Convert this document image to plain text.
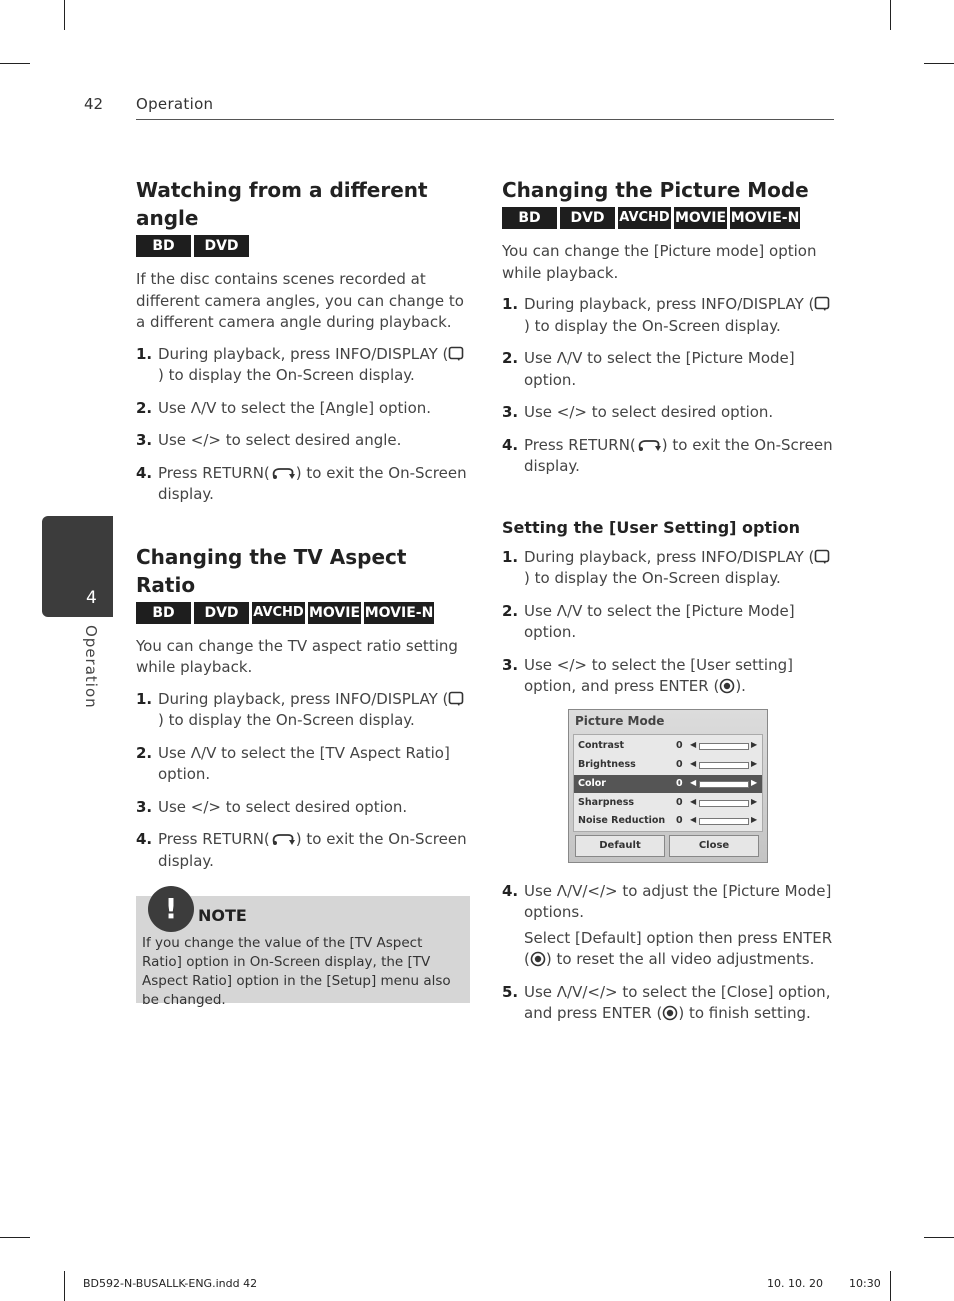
42 Operation
4
Operation
Watching from a different angle
BD	DVD

If the disc contains scenes recorded at different camera angles, you can change to a different camera angle during playback.

1. During playback, press INFO/DISPLAY () to display the On-Screen display.
2. Use Λ/V to select the [Angle] option.
3. Use </> to select desired angle.
4. Press RETURN( ) to exit the On-Screen display.
Changing the TV Aspect Ratio
BD	DVD	AVCHD MOVIE MOVIE-N

You can change the TV aspect ratio setting while playback.

1. During playback, press INFO/DISPLAY () to display the On-Screen display.
2. Use Λ/V to select the [TV Aspect Ratio] option.
3. Use </> to select desired option.
4. Press RETURN( ) to exit the On-Screen display.
!	NOTE
If you change the value of the [TV Aspect Ratio] option in On-Screen display, the [TV Aspect Ratio] option in the [Setup] menu also be changed.
Changing the Picture Mode
BD	DVD	AVCHD MOVIE MOVIE-N

You can change the [Picture mode] option while playback.

1. During playback, press INFO/DISPLAY () to display the On-Screen display.
2. Use Λ/V to select the [Picture Mode] option.
3. Use </> to select desired option.
4. Press RETURN( ) to exit the On-Screen display.
Setting the [User Setting] option
1. During playback, press INFO/DISPLAY () to display the On-Screen display.
2. Use Λ/V to select the [Picture Mode] option.
3. Use </> to select the [User setting] option, and press ENTER ( ).
Picture Mode
Contrast	0 ◀	▶
Brightness	0 ◀	▶
Color	0 ◀	▶
Sharpness	0 ◀	▶
Noise Reduction 0 ◀	▶
Default	Close
4. Use Λ/V/</> to adjust the [Picture Mode] options.
Select [Default] option then press ENTER ( ) to reset the all video adjustments.
5. Use Λ/V/</> to select the [Close] option, and press ENTER ( ) to finish setting.
BD592-N-BUSALLK-ENG.indd 42	10. 10. 20 10:30
